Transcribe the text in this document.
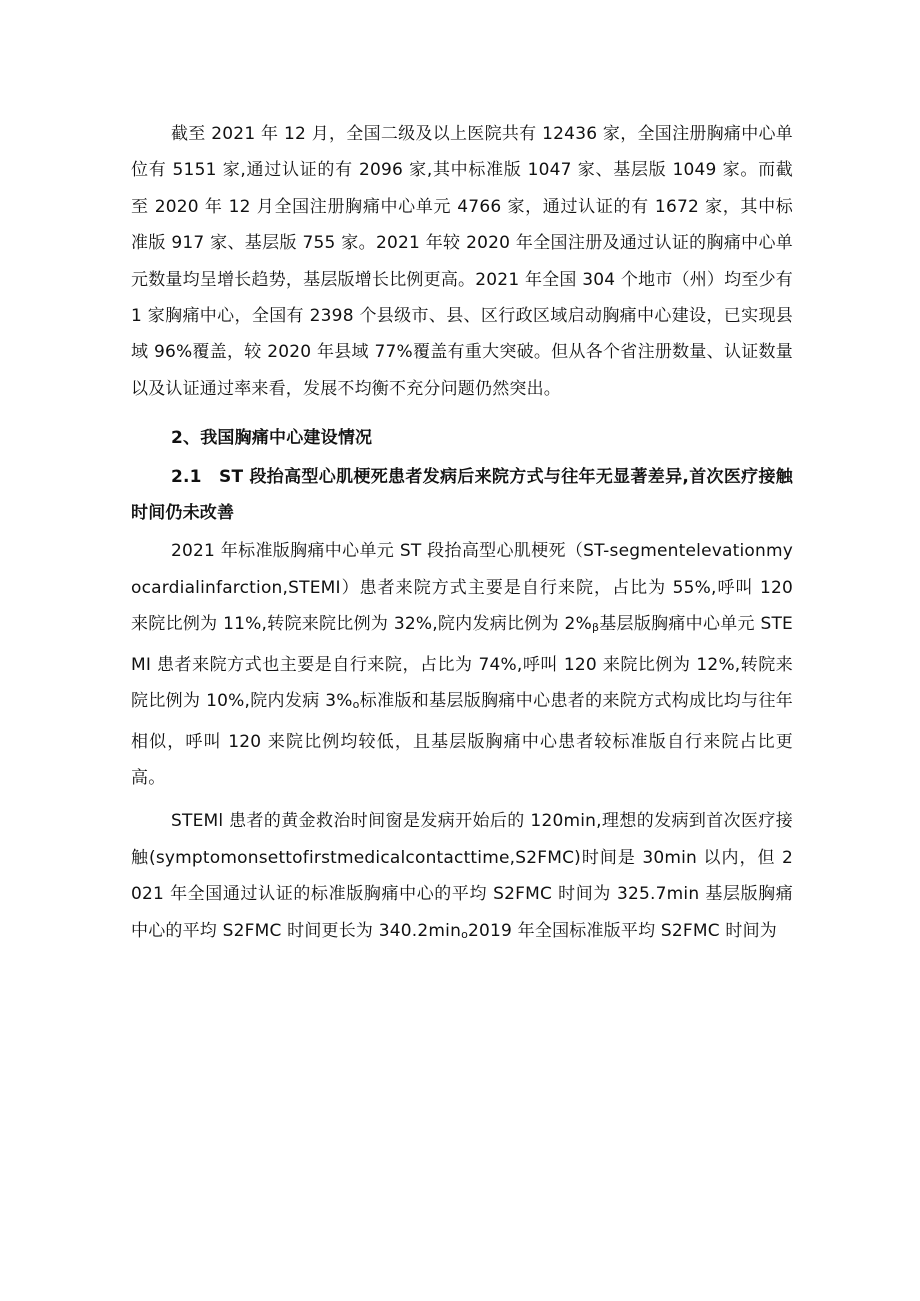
截至 2021 年 12 月，全国二级及以上医院共有 12436 家，全国注册胸痛中心单位有 5151 家,通过认证的有 2096 家,其中标准版 1047 家、基层版 1049 家。而截至 2020 年 12 月全国注册胸痛中心单元 4766 家，通过认证的有 1672 家，其中标准版 917 家、基层版 755 家。2021 年较 2020 年全国注册及通过认证的胸痛中心单元数量均呈增长趋势，基层版增长比例更高。2021 年全国 304 个地市（州）均至少有 1 家胸痛中心，全国有 2398 个县级市、县、区行政区域启动胸痛中心建设，已实现县域 96%覆盖，较 2020 年县域 77%覆盖有重大突破。但从各个省注册数量、认证数量以及认证通过率来看，发展不均衡不充分问题仍然突出。

2、我国胸痛中心建设情况

2.1 ST 段抬高型心肌梗死患者发病后来院方式与往年无显著差异,首次医疗接触时间仍未改善

2021 年标准版胸痛中心单元 ST 段抬高型心肌梗死（ST-segmentelevationmyocardialinfarction,STEMI）患者来院方式主要是自行来院，占比为 55%,呼叫 120 来院比例为 11%,转院来院比例为 32%,院内发病比例为 2%β基层版胸痛中心单元 STEMI 患者来院方式也主要是自行来院，占比为 74%,呼叫 120 来院比例为 12%,转院来院比例为 10%,院内发病 3%o标准版和基层版胸痛中心患者的来院方式构成比均与往年相似，呼叫 120 来院比例均较低，且基层版胸痛中心患者较标准版自行来院占比更高。

STEMl 患者的黄金救治时间窗是发病开始后的 120min,理想的发病到首次医疗接触(symptomonsettofirstmedicalcontacttime,S2FMC)时间是 30min 以内，但 2021 年全国通过认证的标准版胸痛中心的平均 S2FMC 时间为 325.7min 基层版胸痛中心的平均 S2FMC 时间更长为 340.2mino2019 年全国标准版平均 S2FMC 时间为
